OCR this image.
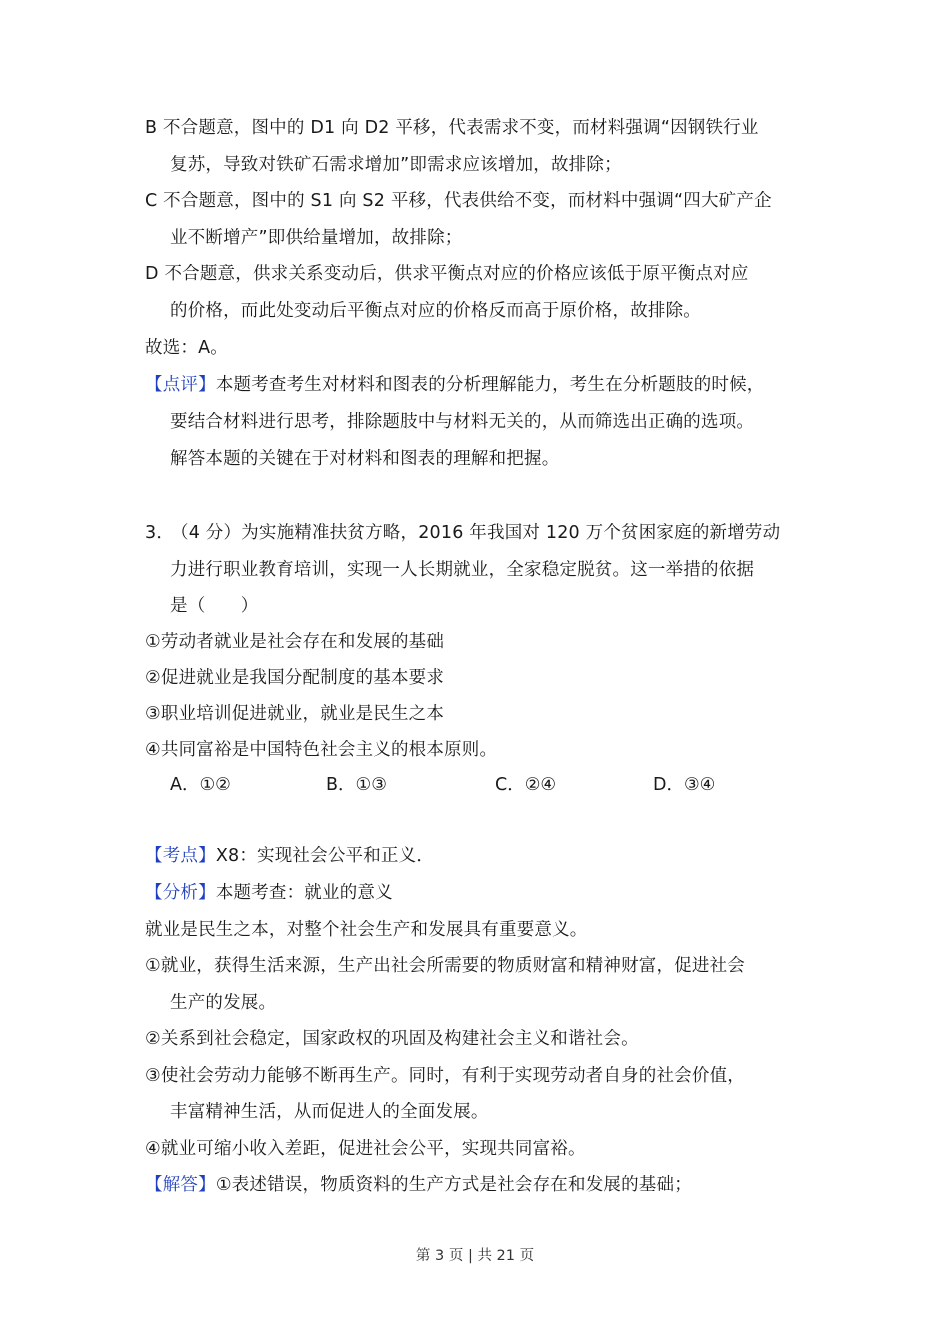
B 不合题意，图中的 D1 向 D2 平移，代表需求不变，而材料强调“因钢铁行业
复苏，导致对铁矿石需求增加”即需求应该增加，故排除；
C 不合题意，图中的 S1 向 S2 平移，代表供给不变，而材料中强调“四大矿产企
业不断增产”即供给量增加，故排除；
D 不合题意，供求关系变动后，供求平衡点对应的价格应该低于原平衡点对应
的价格，而此处变动后平衡点对应的价格反而高于原价格，故排除。
故选：A。
【点评】本题考查考生对材料和图表的分析理解能力，考生在分析题肢的时候，
要结合材料进行思考，排除题肢中与材料无关的，从而筛选出正确的选项。
解答本题的关键在于对材料和图表的理解和把握。
3．（4 分）为实施精准扶贫方略，2016 年我国对 120 万个贫困家庭的新增劳动
力进行职业教育培训，实现一人长期就业，全家稳定脱贫。这一举措的依据
是（　　）
①劳动者就业是社会存在和发展的基础
②促进就业是我国分配制度的基本要求
③职业培训促进就业，就业是民生之本
④共同富裕是中国特色社会主义的根本原则。
A．①②	B．①③	C．②④	D．③④
【考点】X8：实现社会公平和正义．
【分析】本题考查：就业的意义
就业是民生之本，对整个社会生产和发展具有重要意义。
①就业，获得生活来源，生产出社会所需要的物质财富和精神财富，促进社会
生产的发展。
②关系到社会稳定，国家政权的巩固及构建社会主义和谐社会。
③使社会劳动力能够不断再生产。同时，有利于实现劳动者自身的社会价值，
丰富精神生活，从而促进人的全面发展。
④就业可缩小收入差距，促进社会公平，实现共同富裕。
【解答】①表述错误，物质资料的生产方式是社会存在和发展的基础；
第 3 页 | 共 21 页
